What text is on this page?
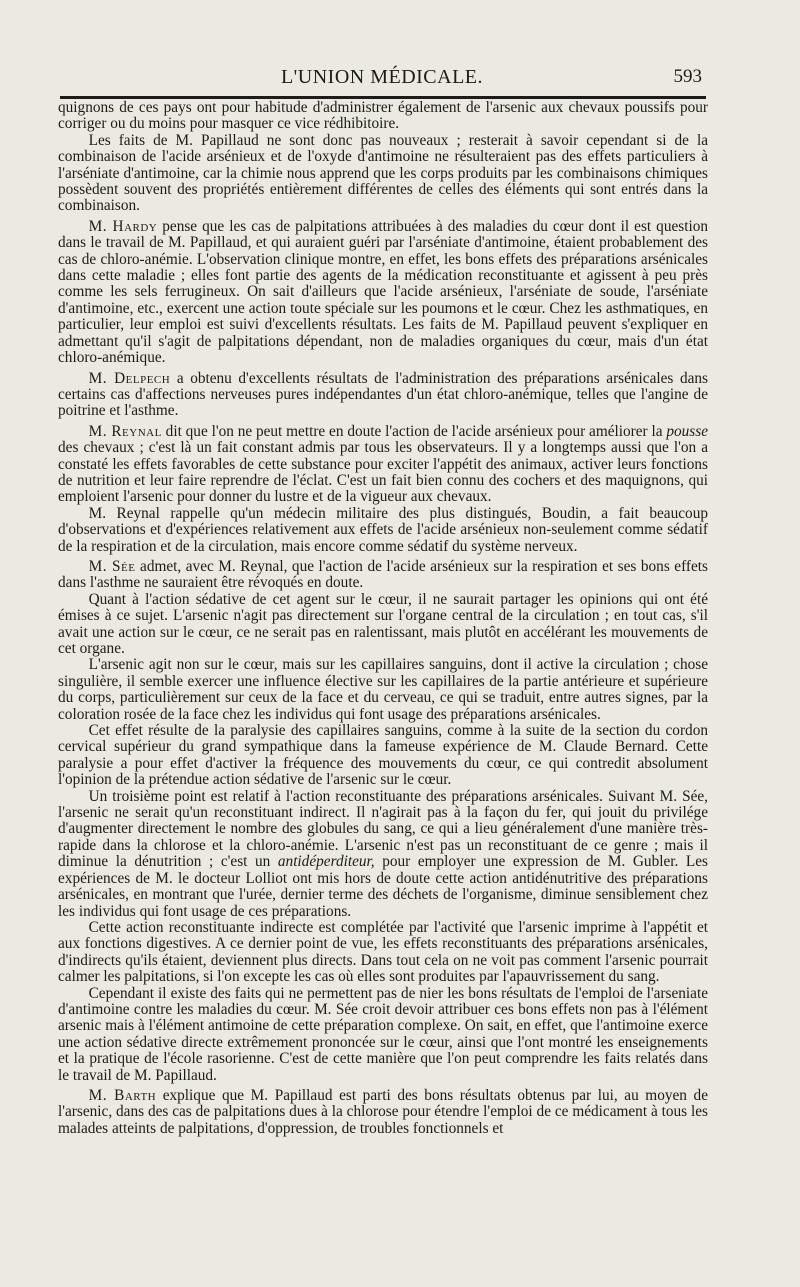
L'UNION MÉDICALE.	593

quignons de ces pays ont pour habitude d'administrer également de l'arsenic aux chevaux poussifs pour corriger ou du moins pour masquer ce vice rédhibitoire.

Les faits de M. Papillaud ne sont donc pas nouveaux ; resterait à savoir cependant si de la combinaison de l'acide arsénieux et de l'oxyde d'antimoine ne résulteraient pas des effets particuliers à l'arséniate d'antimoine, car la chimie nous apprend que les corps produits par les combinaisons chimiques possèdent souvent des propriétés entièrement différentes de celles des éléments qui sont entrés dans la combinaison.

M. Hardy pense que les cas de palpitations attribuées à des maladies du cœur dont il est question dans le travail de M. Papillaud, et qui auraient guéri par l'arséniate d'antimoine, étaient probablement des cas de chloro-anémie. L'observation clinique montre, en effet, les bons effets des préparations arsénicales dans cette maladie ; elles font partie des agents de la médication reconstituante et agissent à peu près comme les sels ferrugineux. On sait d'ailleurs que l'acide arsénieux, l'arséniate de soude, l'arséniate d'antimoine, etc., exercent une action toute spéciale sur les poumons et le cœur. Chez les asthmatiques, en particulier, leur emploi est suivi d'excellents résultats. Les faits de M. Papillaud peuvent s'expliquer en admettant qu'il s'agit de palpitations dépendant, non de maladies organiques du cœur, mais d'un état chloro-anémique.

M. Delpech a obtenu d'excellents résultats de l'administration des préparations arsénicales dans certains cas d'affections nerveuses pures indépendantes d'un état chloro-anémique, telles que l'angine de poitrine et l'asthme.

M. Reynal dit que l'on ne peut mettre en doute l'action de l'acide arsénieux pour améliorer la pousse des chevaux ; c'est là un fait constant admis par tous les observateurs. Il y a longtemps aussi que l'on a constaté les effets favorables de cette substance pour exciter l'appétit des animaux, activer leurs fonctions de nutrition et leur faire reprendre de l'éclat. C'est un fait bien connu des cochers et des maquignons, qui emploient l'arsenic pour donner du lustre et de la vigueur aux chevaux.

M. Reynal rappelle qu'un médecin militaire des plus distingués, Boudin, a fait beaucoup d'observations et d'expériences relativement aux effets de l'acide arsénieux non-seulement comme sédatif de la respiration et de la circulation, mais encore comme sédatif du système nerveux.

M. Sée admet, avec M. Reynal, que l'action de l'acide arsénieux sur la respiration et ses bons effets dans l'asthme ne sauraient être révoqués en doute.

Quant à l'action sédative de cet agent sur le cœur, il ne saurait partager les opinions qui ont été émises à ce sujet. L'arsenic n'agit pas directement sur l'organe central de la circulation ; en tout cas, s'il avait une action sur le cœur, ce ne serait pas en ralentissant, mais plutôt en accélérant les mouvements de cet organe.

L'arsenic agit non sur le cœur, mais sur les capillaires sanguins, dont il active la circulation ; chose singulière, il semble exercer une influence élective sur les capillaires de la partie antérieure et supérieure du corps, particulièrement sur ceux de la face et du cerveau, ce qui se traduit, entre autres signes, par la coloration rosée de la face chez les individus qui font usage des préparations arsénicales.

Cet effet résulte de la paralysie des capillaires sanguins, comme à la suite de la section du cordon cervical supérieur du grand sympathique dans la fameuse expérience de M. Claude Bernard. Cette paralysie a pour effet d'activer la fréquence des mouvements du cœur, ce qui contredit absolument l'opinion de la prétendue action sédative de l'arsenic sur le cœur.

Un troisième point est relatif à l'action reconstituante des préparations arsénicales. Suivant M. Sée, l'arsenic ne serait qu'un reconstituant indirect. Il n'agirait pas à la façon du fer, qui jouit du privilége d'augmenter directement le nombre des globules du sang, ce qui a lieu généralement d'une manière très-rapide dans la chlorose et la chloro-anémie. L'arsenic n'est pas un reconstituant de ce genre ; mais il diminue la dénutrition ; c'est un antidéperditeur, pour employer une expression de M. Gubler. Les expériences de M. le docteur Lolliot ont mis hors de doute cette action antidénutritive des préparations arsénicales, en montrant que l'urée, dernier terme des déchets de l'organisme, diminue sensiblement chez les individus qui font usage de ces préparations.

Cette action reconstituante indirecte est complétée par l'activité que l'arsenic imprime à l'appétit et aux fonctions digestives. A ce dernier point de vue, les effets reconstituants des préparations arsénicales, d'indirects qu'ils étaient, deviennent plus directs. Dans tout cela on ne voit pas comment l'arsenic pourrait calmer les palpitations, si l'on excepte les cas où elles sont produites par l'apauvrissement du sang.

Cependant il existe des faits qui ne permettent pas de nier les bons résultats de l'emploi de l'arseniate d'antimoine contre les maladies du cœur. M. Sée croit devoir attribuer ces bons effets non pas à l'élément arsenic mais à l'élément antimoine de cette préparation complexe. On sait, en effet, que l'antimoine exerce une action sédative directe extrêmement prononcée sur le cœur, ainsi que l'ont montré les enseignements et la pratique de l'école rasorienne. C'est de cette manière que l'on peut comprendre les faits relatés dans le travail de M. Papillaud.

M. Barth explique que M. Papillaud est parti des bons résultats obtenus par lui, au moyen de l'arsenic, dans des cas de palpitations dues à la chlorose pour étendre l'emploi de ce médicament à tous les malades atteints de palpitations, d'oppression, de troubles fonctionnels et
